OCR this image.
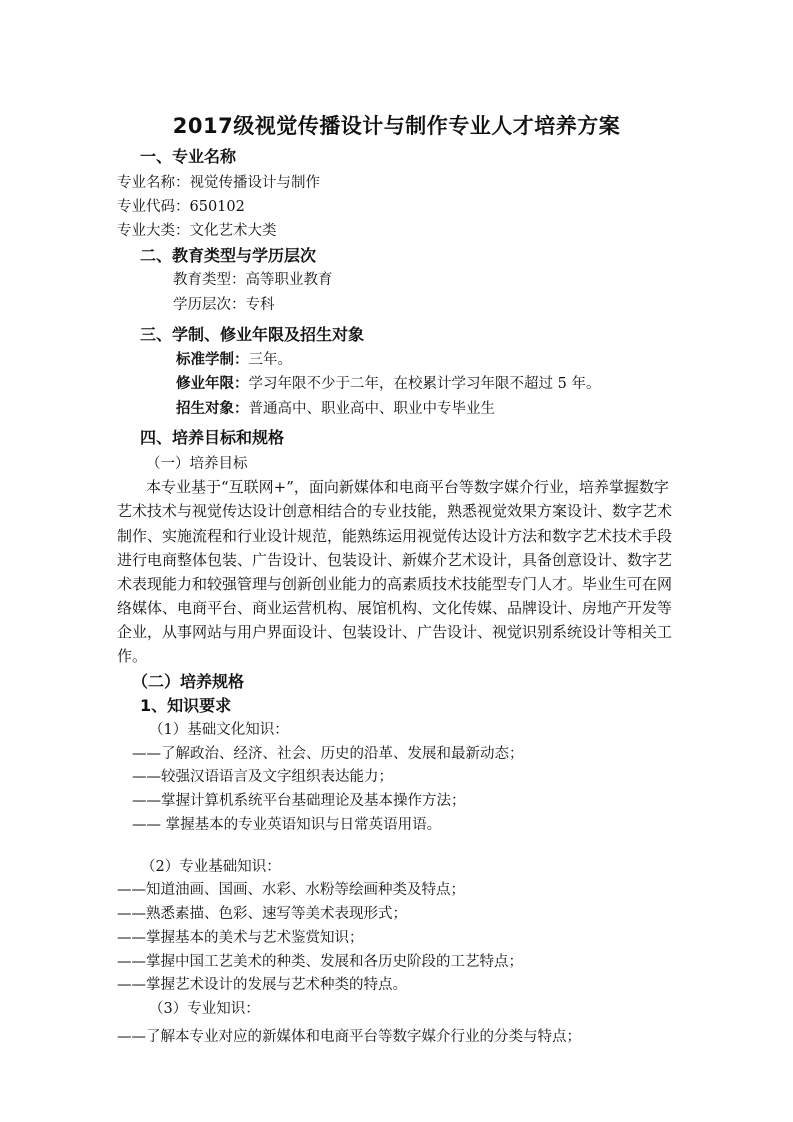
2017级视觉传播设计与制作专业人才培养方案
一、专业名称
专业名称：视觉传播设计与制作
专业代码：650102
专业大类：文化艺术大类
二、教育类型与学历层次
教育类型：高等职业教育
学历层次：专科
三、学制、修业年限及招生对象
标准学制：三年。
修业年限：学习年限不少于二年，在校累计学习年限不超过 5 年。
招生对象：普通高中、职业高中、职业中专毕业生
四、培养目标和规格
（一）培养目标
本专业基于“互联网+”，面向新媒体和电商平台等数字媒介行业，培养掌握数字
艺术技术与视觉传达设计创意相结合的专业技能，熟悉视觉效果方案设计、数字艺术
制作、实施流程和行业设计规范，能熟练运用视觉传达设计方法和数字艺术技术手段
进行电商整体包装、广告设计、包装设计、新媒介艺术设计，具备创意设计、数字艺
术表现能力和较强管理与创新创业能力的高素质技术技能型专门人才。毕业生可在网
络媒体、电商平台、商业运营机构、展馆机构、文化传媒、品牌设计、房地产开发等
企业，从事网站与用户界面设计、包装设计、广告设计、视觉识别系统设计等相关工
作。
（二）培养规格
1、知识要求
（1）基础文化知识：
——了解政治、经济、社会、历史的沿革、发展和最新动态；
——较强汉语语言及文字组织表达能力；
——掌握计算机系统平台基础理论及基本操作方法；
—— 掌握基本的专业英语知识与日常英语用语。
（2）专业基础知识：
——知道油画、国画、水彩、水粉等绘画种类及特点；
——熟悉素描、色彩、速写等美术表现形式；
——掌握基本的美术与艺术鉴赏知识；
——掌握中国工艺美术的种类、发展和各历史阶段的工艺特点；
——掌握艺术设计的发展与艺术种类的特点。
（3）专业知识：
——了解本专业对应的新媒体和电商平台等数字媒介行业的分类与特点；
